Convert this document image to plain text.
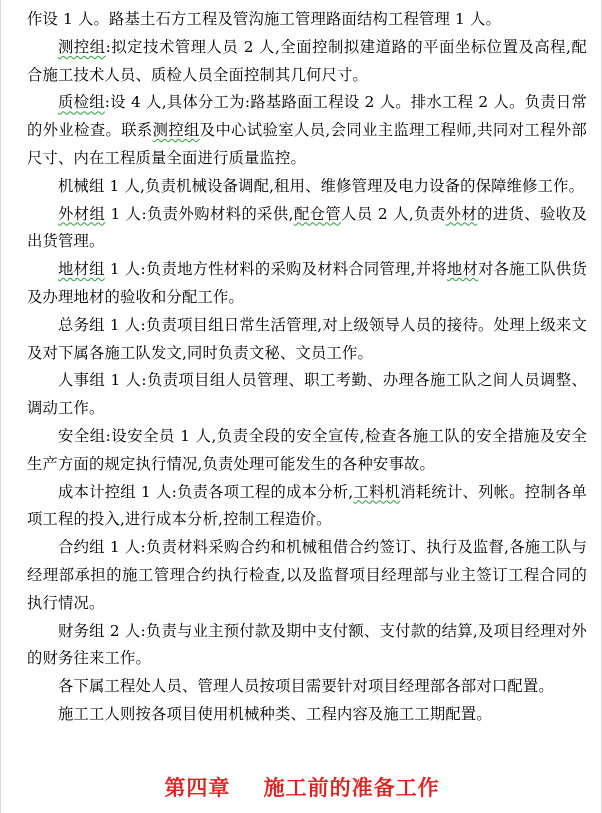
作设 1 人。路基土石方工程及管沟施工管理路面结构工程管理 1 人。

测控组:拟定技术管理人员 2 人,全面控制拟建道路的平面坐标位置及高程,配合施工技术人员、质检人员全面控制其几何尺寸。

质检组:设 4 人,具体分工为:路基路面工程设 2 人。排水工程 2 人。负责日常的外业检查。联系测控组及中心试验室人员,会同业主监理工程师,共同对工程外部尺寸、内在工程质量全面进行质量监控。

机械组 1 人,负责机械设备调配,租用、维修管理及电力设备的保障维修工作。

外材组 1 人:负责外购材料的采供,配仓管人员 2 人,负责外材的进货、验收及出货管理。

地材组 1 人:负责地方性材料的采购及材料合同管理,并将地材对各施工队供货及办理地材的验收和分配工作。

总务组 1 人:负责项目组日常生活管理,对上级领导人员的接待。处理上级来文及对下属各施工队发文,同时负责文秘、文员工作。

人事组 1 人:负责项目组人员管理、职工考勤、办理各施工队之间人员调整、调动工作。

安全组:设安全员 1 人,负责全段的安全宣传,检查各施工队的安全措施及安全生产方面的规定执行情况,负责处理可能发生的各种安事故。

成本计控组 1 人:负责各项工程的成本分析,工料机消耗统计、列帐。控制各单项工程的投入,进行成本分析,控制工程造价。

合约组 1 人:负责材料采购合约和机械租借合约签订、执行及监督,各施工队与经理部承担的施工管理合约执行检查,以及监督项目经理部与业主签订工程合同的执行情况。

财务组 2 人:负责与业主预付款及期中支付额、支付款的结算,及项目经理对外的财务往来工作。

各下属工程处人员、管理人员按项目需要针对项目经理部各部对口配置。

施工工人则按各项目使用机械种类、工程内容及施工工期配置。

第四章 施工前的准备工作
